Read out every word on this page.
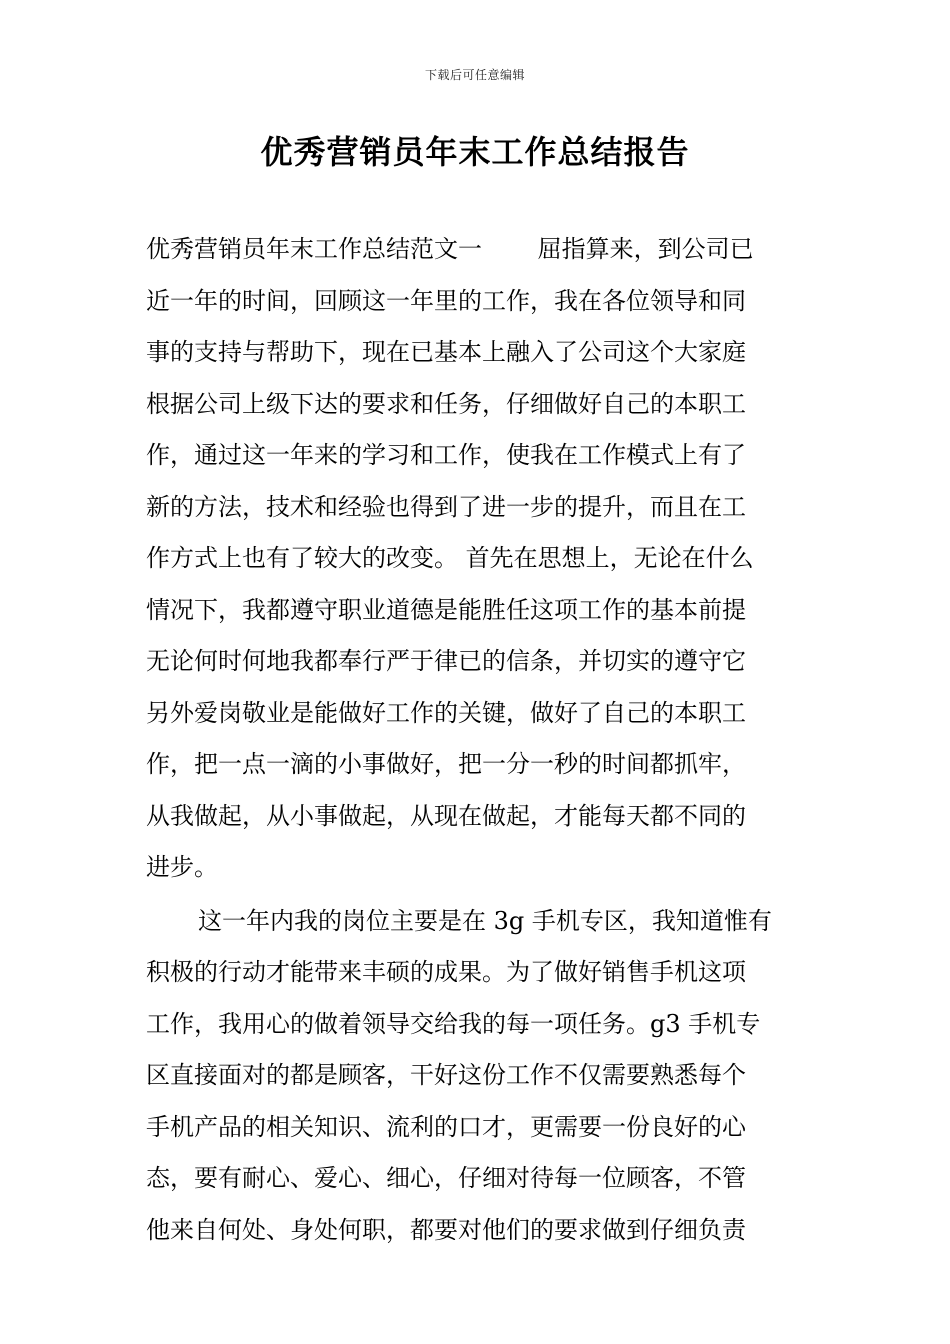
下载后可任意编辑
优秀营销员年末工作总结报告
优秀营销员年末工作总结范文一　　 屈指算来，到公司已
近一年的时间，回顾这一年里的工作，我在各位领导和同
事的支持与帮助下，现在已基本上融入了公司这个大家庭
根据公司上级下达的要求和任务，仔细做好自己的本职工
作，通过这一年来的学习和工作，使我在工作模式上有了
新的方法，技术和经验也得到了进一步的提升，而且在工
作方式上也有了较大的改变。 首先在思想上，无论在什么
情况下，我都遵守职业道德是能胜任这项工作的基本前提
无论何时何地我都奉行严于律已的信条，并切实的遵守它
另外爱岗敬业是能做好工作的关键，做好了自己的本职工
作，把一点一滴的小事做好，把一分一秒的时间都抓牢，
从我做起，从小事做起，从现在做起，才能每天都不同的
进步。
这一年内我的岗位主要是在 3g 手机专区，我知道惟有
积极的行动才能带来丰硕的成果。为了做好销售手机这项
工作，我用心的做着领导交给我的每一项任务。g3 手机专
区直接面对的都是顾客，干好这份工作不仅需要熟悉每个
手机产品的相关知识、流利的口才，更需要一份良好的心
态，要有耐心、爱心、细心，仔细对待每一位顾客，不管
他来自何处、身处何职，都要对他们的要求做到仔细负责
